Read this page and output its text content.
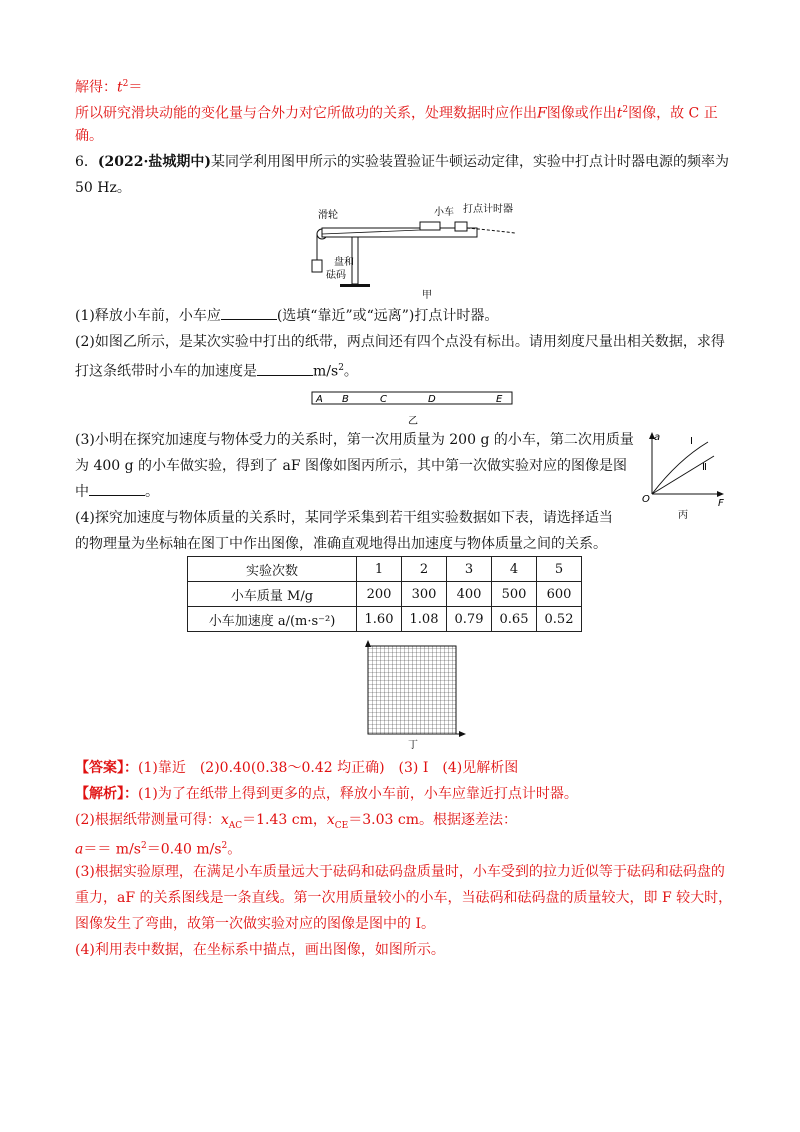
解得：$t^2=$
所以研究滑块动能的变化量与合外力对它所做功的关系，处理数据时应作出F图像或作出$t^2$图像，故 C 正
确。
6．(2022·盐城期中)某同学利用图甲所示的实验装置验证牛顿运动定律，实验中打点计时器电源的频率为
50 Hz。
滑轮	小车 打点计时器
盘和
砝码
甲
(1)释放小车前，小车应	(选填“靠近”或“远离”)打点计时器。
(2)如图乙所示，是某次实验中打出的纸带，两点间还有四个点没有标出。请用刻度尺量出相关数据，求得
打这条纸带时小车的加速度是	$m/s^2$。
A B	C	D	E
乙
(3)小明在探究加速度与物体受力的关系时，第一次用质量为 200 g 的小车，第二次用质量
为 400 g 的小车做实验，得到了 aF 图像如图丙所示，其中第一次做实验对应的图像是图
中	。
a
F
O
Ⅰ
Ⅱ
丙
(4)探究加速度与物体质量的关系时，某同学采集到若干组实验数据如下表，请选择适当
的物理量为坐标轴在图丁中作出图像，准确直观地得出加速度与物体质量之间的关系。
实验次数	1	2	3	4	5
小车质量 M/g	200	300	400	500	600
小车加速度 a/(m·s⁻²)	1.60	1.08	0.79	0.65	0.52
丁
【答案】：(1)靠近　(2)0.40(0.38～0.42 均正确)　(3) Ⅰ　(4)见解析图
【解析】：(1)为了在纸带上得到更多的点，释放小车前，小车应靠近打点计时器。
(2)根据纸带测量可得：$x_{AC}=1.43$ cm，$x_{CE}=3.03$ cm。根据逐差法：
$a== m/s^2=0.40$ $m/s^2$。
(3)根据实验原理，在满足小车质量远大于砝码和砝码盘质量时，小车受到的拉力近似等于砝码和砝码盘的
重力，aF 的关系图线是一条直线。第一次用质量较小的小车，当砝码和砝码盘的质量较大，即 F 较大时，
图像发生了弯曲，故第一次做实验对应的图像是图中的 Ⅰ。
(4)利用表中数据，在坐标系中描点，画出图像，如图所示。
